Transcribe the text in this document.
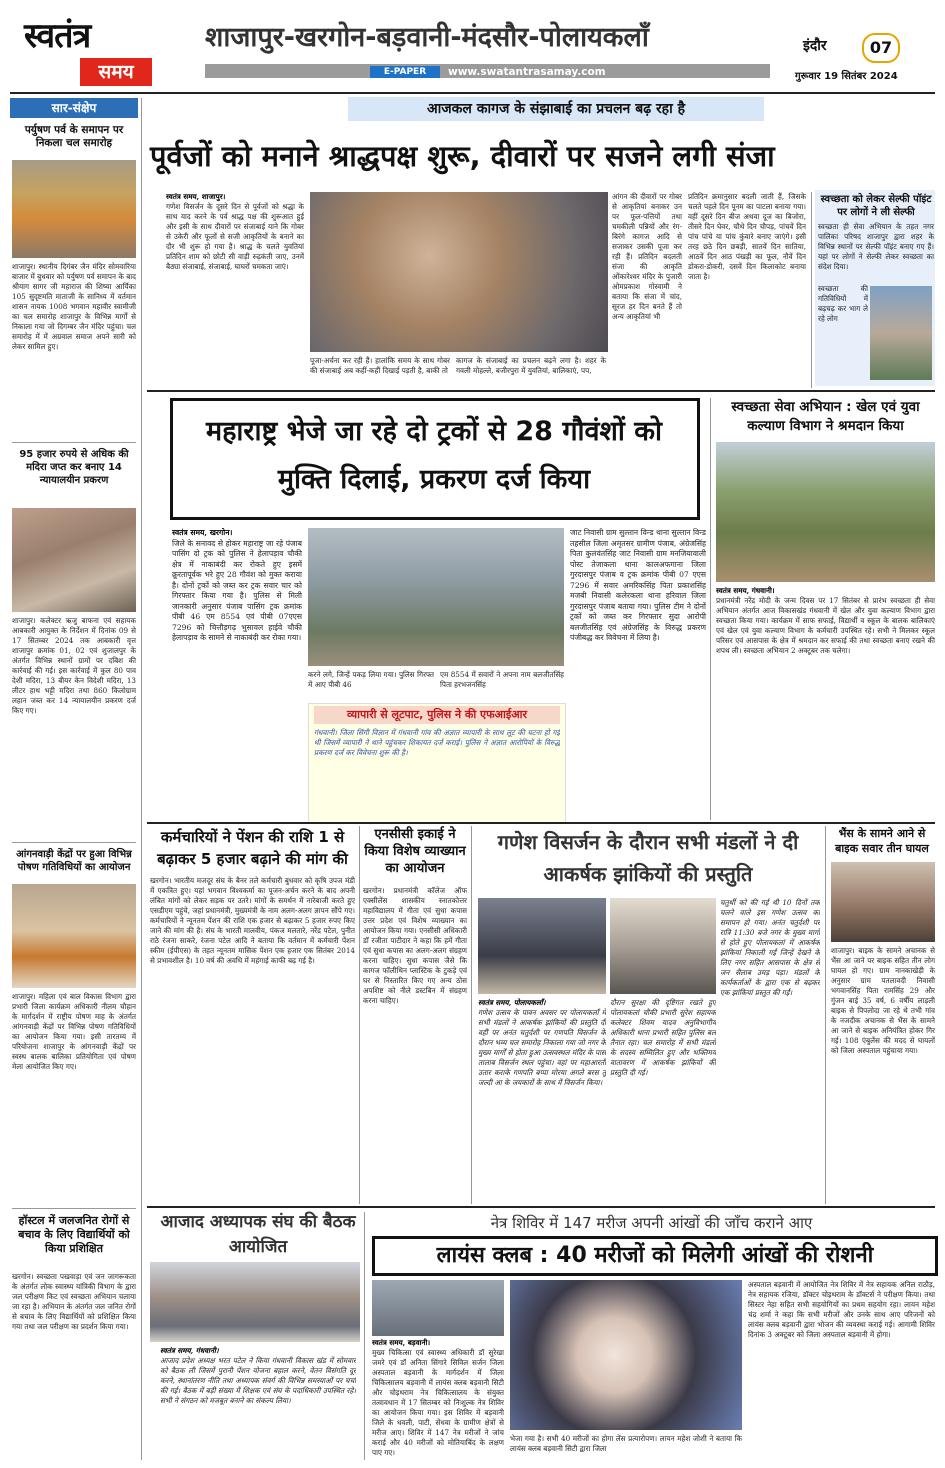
स्वतंत्र
समय
शाजापुर-खरगोन-बड़वानी-मंदसौर-पोलायकलॉं
E-PAPER	www.swatantrasamay.com
इंदौर	07
गुरूवार 19 सितंबर 2024
सार-संक्षेप
पर्युषण पर्व के समापन पर निकला चल समारोह
शाजापुर। स्थानीय दिगंबर जैन मंदिर सोमवारिया बाजार में बुधवार को पर्युषण पर्व समापन के बाद श्रीयाग सागर जी महाराज की शिष्या आर्यिका 105 सुदृष्टमति माताजी के सानिध्य में वर्तमान शासन नायक 1008 भगवान महावीर स्वामीजी का चल समारोह शाजापुर के विभिन्न मार्गों से निकाला गया जो दिगम्बर जैन मंदिर पहुंचा। चल समारोह में में अग्रवाल समाज अपने सारी को लेकर सामिल हुए।
95 हजार रुपये से अधिक की मदिरा जप्त कर बनाए 14 न्यायालयीन प्रकरण
शाजापुर। कलेक्टर ऋजु बाफना एवं सहायक आबकारी आयुक्त के निर्देशन में दिनांक 09 से 17 सितम्बर 2024 तक आबकारी वृत्त शाजापुर क्रमांक 01, 02 एवं शुजालपुर के अंतर्गत विभिन्न स्थानों ग्रामों पर दबिश की कार्रवाई की गई। इस कार्रवाई में कुल 80 पाव देशी मदिरा, 13 बीयर केन विदेशी मदिरा, 13 लीटर हाथ भट्टी मदिरा तथा 860 किलोग्राम लहान जब्त कर 14 न्यायालयीन प्रकरण दर्ज किए गए।
आंगनवाड़ी केंद्रों पर हुआ विभिन्न पोषण गतिविधियों का आयोजन
शाजापुर। महिला एवं बाल विकास विभाग द्वारा प्रभारी जिला कार्यक्रम अधिकारी नीलम चौहान के मार्गदर्शन में राष्ट्रीय पोषण माह के अंतर्गत आंगनवाड़ी केंद्रों पर विभिन्न पोषण गतिविधियों का आयोजन किया गया। इसी तारतम्य में परियोजना शाजापुर के आंगनवाड़ी केंद्रों पर स्वस्थ बालक बालिका प्रतियोगिता एवं पोषण मेला आयोजित किए गए।
हॉस्टल में जलजनित रोगों से बचाव के लिए विद्यार्थियों को किया प्रशिक्षित
खरगोन। स्वच्छता पखवाड़ा एवं जन जागरूकता के अंतर्गत लोक स्वास्थ्य यांत्रिकी विभाग के द्वारा जल परीक्षण किट एवं स्वच्छता अभियान चलाया जा रहा है। अभियान के अंतर्गत जल जनित रोगों से बचाव के लिए विद्यार्थियों को प्रशिक्षित किया गया तथा जल परीक्षण का प्रदर्शन किया गया।
आजकल कागज के संझाबाई का प्रचलन बढ़ रहा है
पूर्वजों को मनाने श्राद्धपक्ष शुरू, दीवारों पर सजने लगी संजा

स्वतंत्र समय, शाजापुर।

गणेश विसर्जन के दूसरे दिन से पूर्वजों को श्रद्धा के साथ याद करने के पर्व श्राद्ध पक्ष की शुरूआत हुई और इसी के साथ दीवारों पर संजाबाई याने कि गोबर से उकेरी और फूलों से सजी आकृतियों के बनाने का दौर भी शुरू हो गया है। श्राद्ध के चलते युवतियां प्रतिदिन शाम को छोटी सी वाड़ी रुढ़कंती जाए, उनमें बैठ्या संजाबाई, संजाबाई, घाघरों चमकता जाएं।

पूजा-अर्चना कर रही हैं। हालांकि समय के साथ गोबर की संजाबाई अब कहीं-कहीं दिखाई पड़ती है, बाकी तो
कागज के संजाबाई का प्रचलन बढ़ने लगा है। शहर के गवली मोहल्ले, बजीरपुरा में युवतियां, बालिकाएं, पप,
आंगन की दीवारों पर गोबर से आकृतियां बनाकर उन पर फूल-पत्तियों तथा चमकीली पन्नियों और रंग-बिरंगे कागज आदि से सजाकर उसकी पूजा कर रही हैं। प्रतिदिन बदलती संजा की आकृति ओंकारेश्वर मंदिर के पुजारी ओमप्रकाश गोस्वामी ने बताया कि संजा में चांद, सूरज हर दिन बनते हैं तो अन्य आकृतियां भी
प्रतिदिन क्रमानुसार बदली जाती हैं, जिसके चलते पहले दिन पूनम का पाटला बनाया गया। वहीं दूसरे दिन बीज अथवा दूज का बिजोरा, तीसरे दिन घेवर, चौथे दिन चौपड़, पांचवें दिन पांच पांचे या पांच कुंवारे बनाए जाएंगे। इसी तरह छठे दिन छबड़ी, सातवें दिन सातिया, आठवें दिन आठ पंखड़ी का फूल, नौवें दिन डोकरा-डोकरी, दसवें दिन किलाकोट बनाया जाता है।
स्वच्छता को लेकर सेल्फी पॉइंट पर लोगों ने ली सेल्फी
स्वच्छता ही सेवा अभियान के तहत नगर पालिका परिषद शाजापुर द्वारा शहर के विभिन्न स्थानों पर सेल्फी पॉइंट बनाए गए हैं। यहां पर लोगों ने सेल्फी लेकर स्वच्छता का संदेश दिया।
स्वच्छता की गतिविधियों में बढ़चढ़ कर भाग ले रहे लोग
महाराष्ट्र भेजे जा रहे दो ट्रकों से 28 गौवंशों को मुक्ति दिलाई, प्रकरण दर्ज किया

स्वतंत्र समय, खरगोन।

जिले के सनावद से होकर महाराष्ट्र जा रहे पंजाब पासिंग दो ट्रक को पुलिस ने हेलापड़ाव चौकी क्षेत्र में नाकाबंदी कर रोकते हुए इसमें क्रूरतापूर्वक भरे हुए 28 गौवंश को मुक्त कराया है। दोनों ट्रकों को जब्त कर ट्रक सवार चार को गिरफ्तार किया गया है। पुलिस से मिली जानकारी अनुसार पंजाब पासिंग ट्रक क्रमांक पीबी 46 एम 8554 एवं पीबी 07एएस 7296 को चित्तौड़गढ़ भुसावल हाईवे चौकी हेलापड़ाव के सामने से नाकाबंदी कर रोका गया।

करने लगे, जिन्हें पकड़ लिया गया। पुलिस गिरफ्त में आए पीबी 46
एम 8554 में सवारों ने अपना नाम बलजीतसिंह पिता हरभजनसिंह
जाट निवासी ग्राम सुल्तान विन्ड थाना सुल्तान विन्ड तहसील जिला अमृतसर ग्रामीण पंजाब, अंग्रेजसिंह पिता कुलवंतसिंह जाट निवासी ग्राम मनजियावाली पोस्ट तेजाकला थाना कालअफगाना जिला गुरदासपुर पंजाब व ट्रक क्रमांक पीबी 07 एएस 7296 में सवार अमरिकसिंह पिता प्रकाशसिंह मजबी निवासी कलेरकला थाना हरिवाल जिला गुरदासपुर पंजाब बताया गया। पुलिस टीम ने दोनों ट्रकों को जब्त कर गिरफ्तार सुदा आरोपी बलजीतसिंह एवं अंग्रेजसिंह के विरुद्ध प्रकरण पंजीबद्ध कर विवेचना में लिया है।
व्यापारी से लूटपाट, पुलिस ने की एफआईआर
गंधवानी। जिला सिंगी विज्ञान में गंधवानी गांव की अज्ञात व्यापारी के साथ लूट की घटना हो गई थी जिसमें व्यापारी ने थाने पहुंचकर शिकायत दर्ज कराई। पुलिस ने अज्ञात आरोपियों के विरुद्ध प्रकरण दर्ज कर विवेचना शुरू की है।
स्वच्छता सेवा अभियान : खेल एवं युवा कल्याण विभाग ने श्रमदान किया

स्वतंत्र समय, गंधवानी।

प्रधानमंत्री नरेंद्र मोदी के जन्म दिवस पर 17 सितंबर से प्रारंभ स्वच्छता ही सेवा अभियान अंतर्गत आज विकासखंड गंधवानी में खेल और युवा कल्याण विभाग द्वारा स्वच्छता किया गया। कार्यक्रम में साफ सफाई, विद्यार्थी व स्कूल के बालक बालिकाएं एवं खेल एवं युवा कल्याण विभाग के कर्मचारी उपस्थित रहे। सभी ने मिलकर स्कूल परिसर एवं आसपास के क्षेत्र में श्रमदान कर सफाई की तथा स्वच्छता बनाए रखने की शपथ ली। स्वच्छता अभियान 2 अक्टूबर तक चलेगा।

कर्मचारियों ने पेंशन की राशि 1 से बढ़ाकर 5 हजार बढ़ाने की मांग की
खरगोन। भारतीय मजदूर संघ के बैनर तले कर्मचारी बुधवार को कृषि उपज मंडी में एकत्रित हुए। यहां भगवान विश्वकर्मा का पूजन-अर्चन करने के बाद अपनी लंबित मांगों को लेकर सड़क पर उतरे। मांगों के समर्थन में नारेबाजी करते हुए एसडीएम पहुंचे, जहां प्रधानमंत्री, मुख्यमंत्री के नाम अलग-अलग ज्ञापन सौंपे गए। कर्मचारियों ने न्यूनतम पेंशन की राशि एक हजार से बढ़ाकर 5 हजार रुपए किए जाने की मांग की है। संघ के भारती मालवीय, पंकज मलतारे, नरेंद्र पटेल, पुनीत राठे रंजना साकरे, रंजना पटेल आदि ने बताया कि वर्तमान में कर्मचारी पेंशन स्कीम (ईपीएस) के तहत न्यूनतम मासिक पेंशन एक हजार एक सितंबर 2014 से प्रभावशील है। 10 वर्ष की अवधि में महंगाई काफी बढ़ गई है।
एनसीसी इकाई ने किया विशेष व्याख्यान का आयोजन
खरगोन। प्रधानमंत्री कॉलेज ऑफ एक्सीलेंस शासकीय स्नातकोत्तर महाविद्यालय में गीता एवं सुधा कपास उत्तर प्रदेश एवं विशेष व्याख्यान का आयोजन किया गया। एनसीसी अधिकारी डॉ रजीता पाटीदार ने कहा कि हमें गीता एवं सुधा कपास का अलग-अलग संग्रहण करना चाहिए। सुधा कपास जैसे कि कागज फॉलीथिन प्लास्टिक के टुकड़े एवं घर से निस्तारित किए गए अन्य ठोस अपशिष्ट को नीले डस्टबिन में संग्रहण करना चाहिए।
गणेश विसर्जन के दौरान सभी मंडलों ने दी आकर्षक झांकियों की प्रस्तुति

स्वतंत्र समय, पोलायकलॉं।

गणेश उत्सव के पावन अवसर पर पोलायकलॉं में सभी मंडलों ने आकर्षक झांकियों की प्रस्तुति दी वहीं पर अनंत चतुर्दशी पर गणपति विसर्जन के दौरान भव्य चल समारोह निकाला गया जो नगर के मुख्य मार्गों से होता हुआ उत्सवस्थल मंदिर के पास तालाब विसर्जन स्थल पहुंचा। वहां पर महाआरती उतार कराके गणपति बप्पा मोरया अगले बरस तू जल्दी आ के जयकारों के साथ में विसर्जन किया।

दौरान सुरक्षा की दृष्टिगत रखते हुए पोलायकलां चौकी प्रभारी सुरेश सहायक कलेक्टर शिवम यादव अनुविभागीय अधिकारी थाना प्रभारी सहित पुलिस बल तैनात रहा। चल समारोह में सभी मंडलों के सदस्य सम्मिलित हुए और भक्तिमय वातावरण में आकर्षक झांकियों की प्रस्तुति दी गई।
चतुर्थी को की गई थी 10 दिनों तक चलने वाले इस गणेश उत्सव का समापन हो गया। अनंत चतुर्दशी पर रात्रि 11:30 बजे नगर के मुख्य मार्गों से होते हुए पोलायकलां में आकर्षक झांकियां निकाली गईं जिन्हें देखने के लिए नगर सहित आसपास के क्षेत्र से जन सैलाब उमड़ पड़ा। मंडलों के कार्यकर्ताओं के द्वारा एक से बढ़कर एक झांकियां प्रस्तुत की गईं।
भैंस के सामने आने से बाइक सवार तीन घायल
शाजापुर। बाइक के सामने अचानक से भैंस आ जाने पर बाइक सहित तीन लोग घायल हो गए। ग्राम नानकाखेड़ी के अनुसार ग्राम पतलावदी निवासी भगवानसिंह पिता रामसिंह 29 और गुंजन बाई 35 वर्ष, 6 वर्षीय लाड़ली बाइक से पिपलोदा जा रहे थे तभी गांव के नजदीक अचानक से भैंस के सामने आ जाने से बाइक अनियंत्रित होकर गिर गई। 108 एंबुलेंस की मदद से घायलों को जिला अस्पताल पहुंचाया गया।
आजाद अध्यापक संघ की बैठक आयोजित

स्वतंत्र समय, गंधवानी।

आजाद प्रदेश अध्यक्ष भरत पटेल ने किया गंधवानी विकास खंड में सोमवार को बैठक ली जिसमें पुरानी पेंशन योजना बहाल करने, वेतन विसंगति दूर करने, स्थानांतरण नीति तथा अध्यापक संवर्ग की विभिन्न समस्याओं पर चर्चा की गई। बैठक में बड़ी संख्या में शिक्षक एवं संघ के पदाधिकारी उपस्थित रहे। सभी ने संगठन को मजबूत बनाने का संकल्प लिया।

नेत्र शिविर में 147 मरीज अपनी आंखों की जॉंच कराने आए
लायंस क्लब : 40 मरीजों को मिलेगी आंखों की रोशनी

स्वतंत्र समय, बड़वानी।

मुख्य चिकित्सा एवं स्वास्थ्य अधिकारी डॉ सुरेखा जमरे एवं डॉ अनिता सिंगारे सिविल सर्जन जिला अस्पताल बड़वानी के मार्गदर्शन में जिला चिकित्सालय बड़वानी में लायंस क्लब बड़वानी सिटी और चोइथराम नेत्र चिकित्सालय के संयुक्त तत्वावधान में 17 सितम्बर को निःशुल्क नेत्र शिविर का आयोजन किया गया। इस शिविर में बड़वानी जिले के धवली, पाटी, सेंधवा के ग्रामीण क्षेत्रों से मरीज आए। शिविर में 147 नेत्र मरीजों ने जांच कराई और 40 मरीजों को मोतियाबिंद के लक्षण पाए गए।

भेजा गया है। सभी 40 मरीजों का होगा लेंस प्रत्यारोपण। लायन महेश जोशी ने बताया कि लायंस क्लब बड़वानी सिटी द्वारा जिला
अस्पताल बड़वानी में आयोजित नेत्र शिविर में नेत्र सहायक अनिल राठौड़, नेत्र सहायक रजिया, डॉक्टर चोइथराम के डॉक्टर्स ने परीक्षण किया। तथा सिस्टर नेहा सहित सभी सहयोगियों का प्रथम सहयोग रहा। लायन महेश चंद्र शर्मा ने कहा कि सभी मरीजों और उनके साथ आए परिजनों को लायंस क्लब बड़वानी द्वारा भोजन की व्यवस्था कराई गई। आगामी शिविर दिनांक 3 अक्टूबर को जिला अस्पताल बड़वानी में होगा।
